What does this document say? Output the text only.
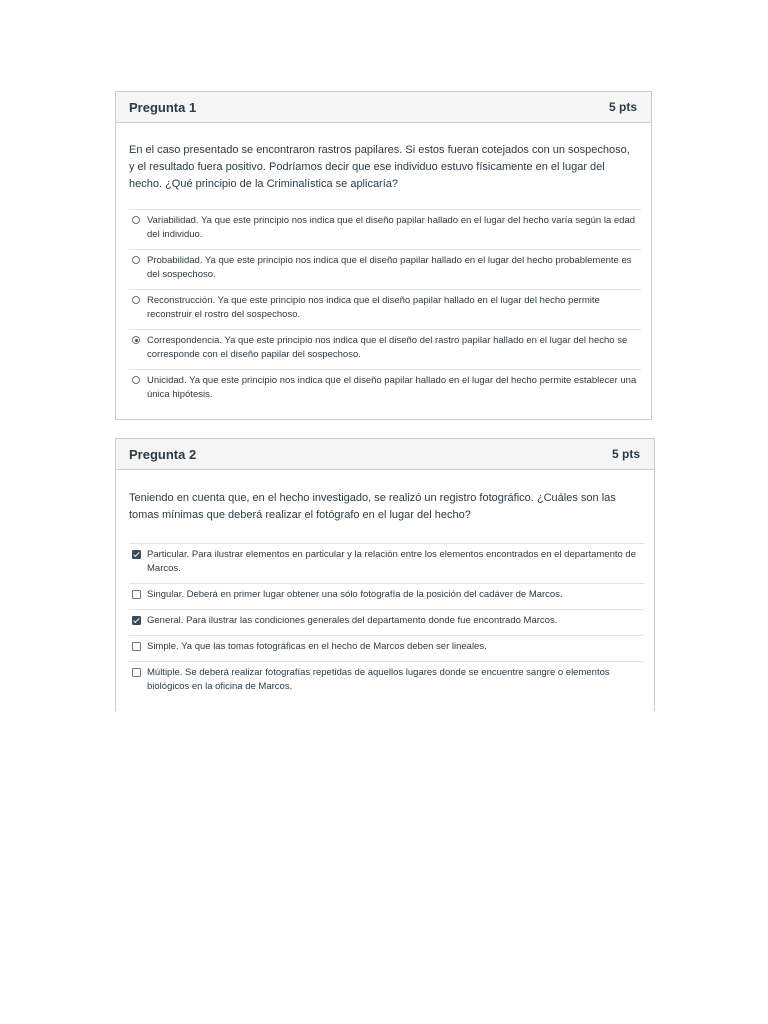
Pregunta 1	5 pts

En el caso presentado se encontraron rastros papilares. Si estos fueran cotejados con un sospechoso, y el resultado fuera positivo. Podríamos decir que ese individuo estuvo físicamente en el lugar del hecho. ¿Qué principio de la Criminalística se aplicaría?

Variabilidad. Ya que este principio nos indica que el diseño papilar hallado en el lugar del hecho varía según la edad del individuo.
Probabilidad. Ya que este principio nos indica que el diseño papilar hallado en el lugar del hecho probablemente es del sospechoso.
Reconstrucción. Ya que este principio nos indica que el diseño papilar hallado en el lugar del hecho permite reconstruir el rostro del sospechoso.
Correspondencia. Ya que este principio nos indica que el diseño del rastro papilar hallado en el lugar del hecho se corresponde con el diseño papilar del sospechoso.
Unicidad. Ya que este principio nos indica que el diseño papilar hallado en el lugar del hecho permite establecer una única hipótesis.
Pregunta 2	5 pts

Teniendo en cuenta que, en el hecho investigado, se realizó un registro fotográfico. ¿Cuáles son las tomas mínimas que deberá realizar el fotógrafo en el lugar del hecho?

Particular. Para ilustrar elementos en particular y la relación entre los elementos encontrados en el departamento de Marcos.
Singular. Deberá en primer lugar obtener una sólo fotografía de la posición del cadáver de Marcos.
General. Para ilustrar las condiciones generales del departamento donde fue encontrado Marcos.
Simple. Ya que las tomas fotográficas en el hecho de Marcos deben ser lineales.
Múltiple. Se deberá realizar fotografías repetidas de aquellos lugares donde se encuentre sangre o elementos biológicos en la oficina de Marcos.
